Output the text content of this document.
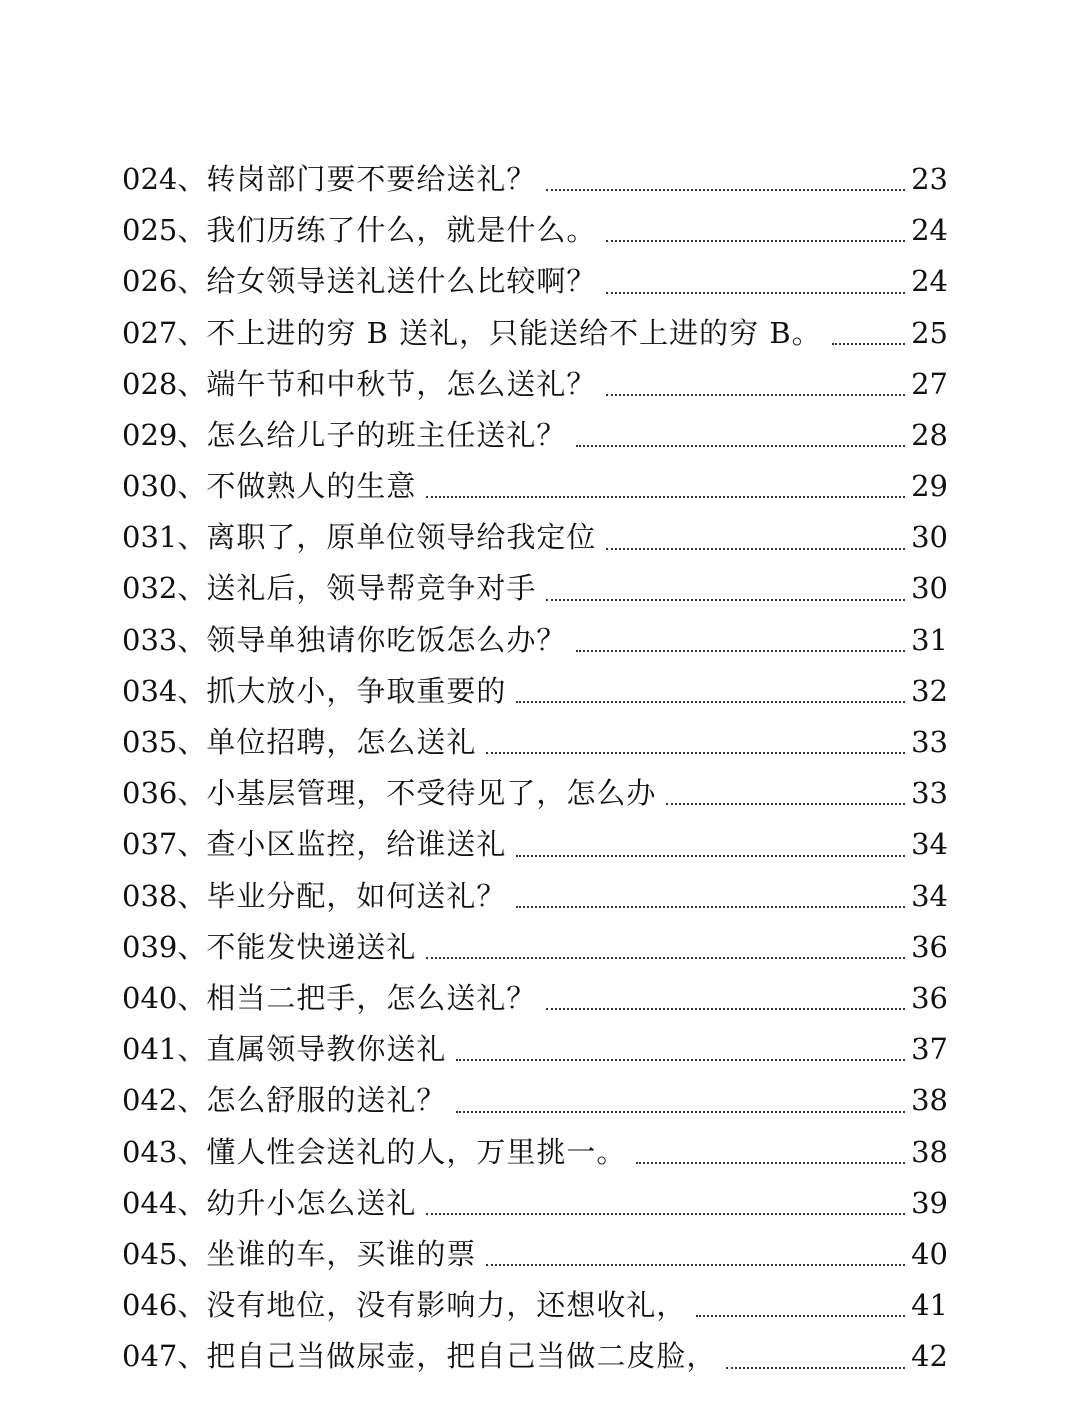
024 、 转岗部门要不要给送礼？	23
025 、 我们历练了什么，就是什么。	24
026 、 给女领导送礼送什么比较啊？	24
027 、 不上进的穷 B 送礼，只能送给不上进的穷 B。	25
028 、 端午节和中秋节，怎么送礼？	27
029 、 怎么给儿子的班主任送礼？	28
030 、 不做熟人的生意	29
031 、 离职了，原单位领导给我定位	30
032 、 送礼后，领导帮竞争对手	30
033 、 领导单独请你吃饭怎么办？	31
034 、 抓大放小，争取重要的	32
035 、 单位招聘，怎么送礼	33
036 、 小基层管理，不受待见了，怎么办	33
037 、 查小区监控，给谁送礼	34
038 、 毕业分配，如何送礼？	34
039 、 不能发快递送礼	36
040 、 相当二把手，怎么送礼？	36
041 、 直属领导教你送礼	37
042 、 怎么舒服的送礼？	38
043 、 懂人性会送礼的人，万里挑一。	38
044 、 幼升小怎么送礼	39
045 、 坐谁的车，买谁的票	40
046 、 没有地位，没有影响力，还想收礼，	41
047 、 把自己当做尿壶，把自己当做二皮脸，	42
